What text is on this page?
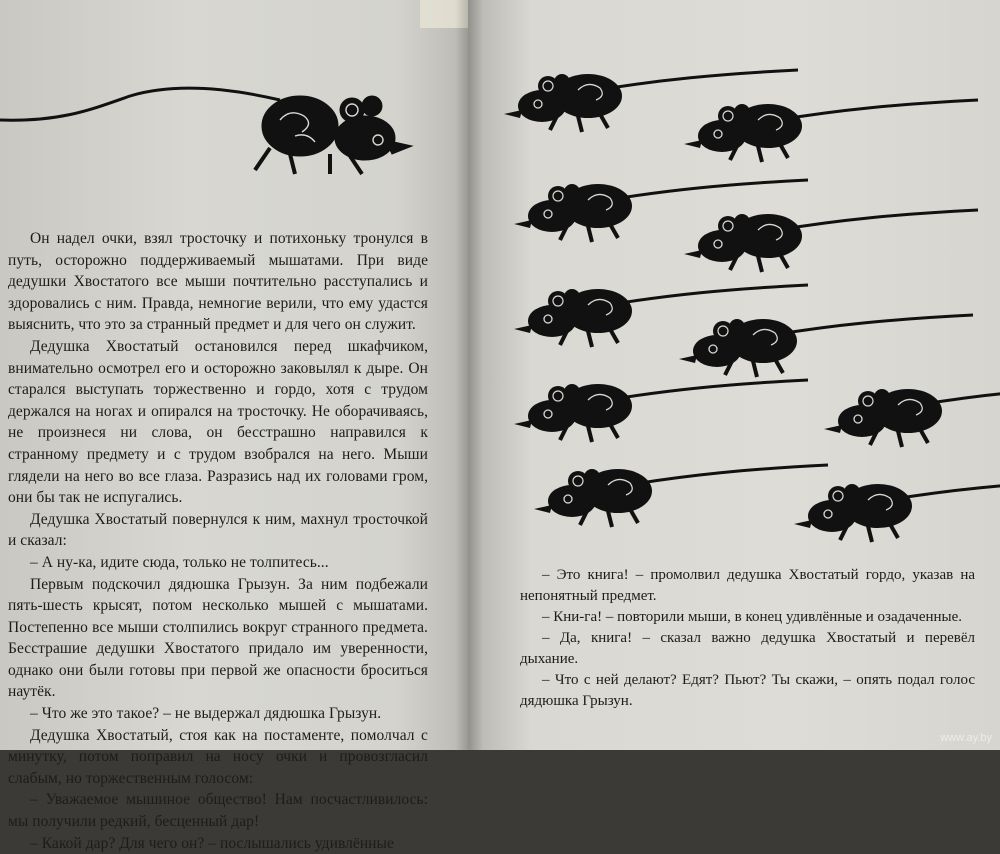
Он надел очки, взял тросточку и потихоньку тронулся в путь, осторожно поддерживаемый мышатами. При виде дедушки Хвостатого все мыши почтительно расступались и здоровались с ним. Правда, немногие верили, что ему удастся выяснить, что это за странный предмет и для чего он служит.

Дедушка Хвостатый остановился перед шкафчиком, внимательно осмотрел его и осторожно заковылял к дыре. Он старался выступать торжественно и гордо, хотя с трудом держался на ногах и опирался на тросточку. Не оборачиваясь, не произнеся ни слова, он бесстрашно направился к странному предмету и с трудом взобрался на него. Мыши глядели на него во все глаза. Разразись над их головами гром, они бы так не испугались.

Дедушка Хвостатый повернулся к ним, махнул тросточкой и сказал:

– А ну-ка, идите сюда, только не толпитесь...

Первым подскочил дядюшка Грызун. За ним подбежали пять-шесть крысят, потом несколько мышей с мышатами. Постепенно все мыши столпились вокруг странного предмета. Бесстрашие дедушки Хвостатого придало им уверенности, однако они были готовы при первой же опасности броситься наутёк.

– Что же это такое? – не выдержал дядюшка Грызун.

Дедушка Хвостатый, стоя как на постаменте, помолчал с минутку, потом поправил на носу очки и провозгласил слабым, но торжественным голосом:

– Уважаемое мышиное общество! Нам посчастливилось: мы получили редкий, бесценный дар!

– Какой дар? Для чего он? – послышались удивлённые

– Это книга! – промолвил дедушка Хвостатый гордо, указав на непонятный предмет.

– Кни-га! – повторили мыши, в конец удивлённые и озадаченные.

– Да, книга! – сказал важно дедушка Хвостатый и перевёл дыхание.

– Что с ней делают? Едят? Пьют? Ты скажи, – опять подал голос дядюшка Грызун.

www.ay.by
